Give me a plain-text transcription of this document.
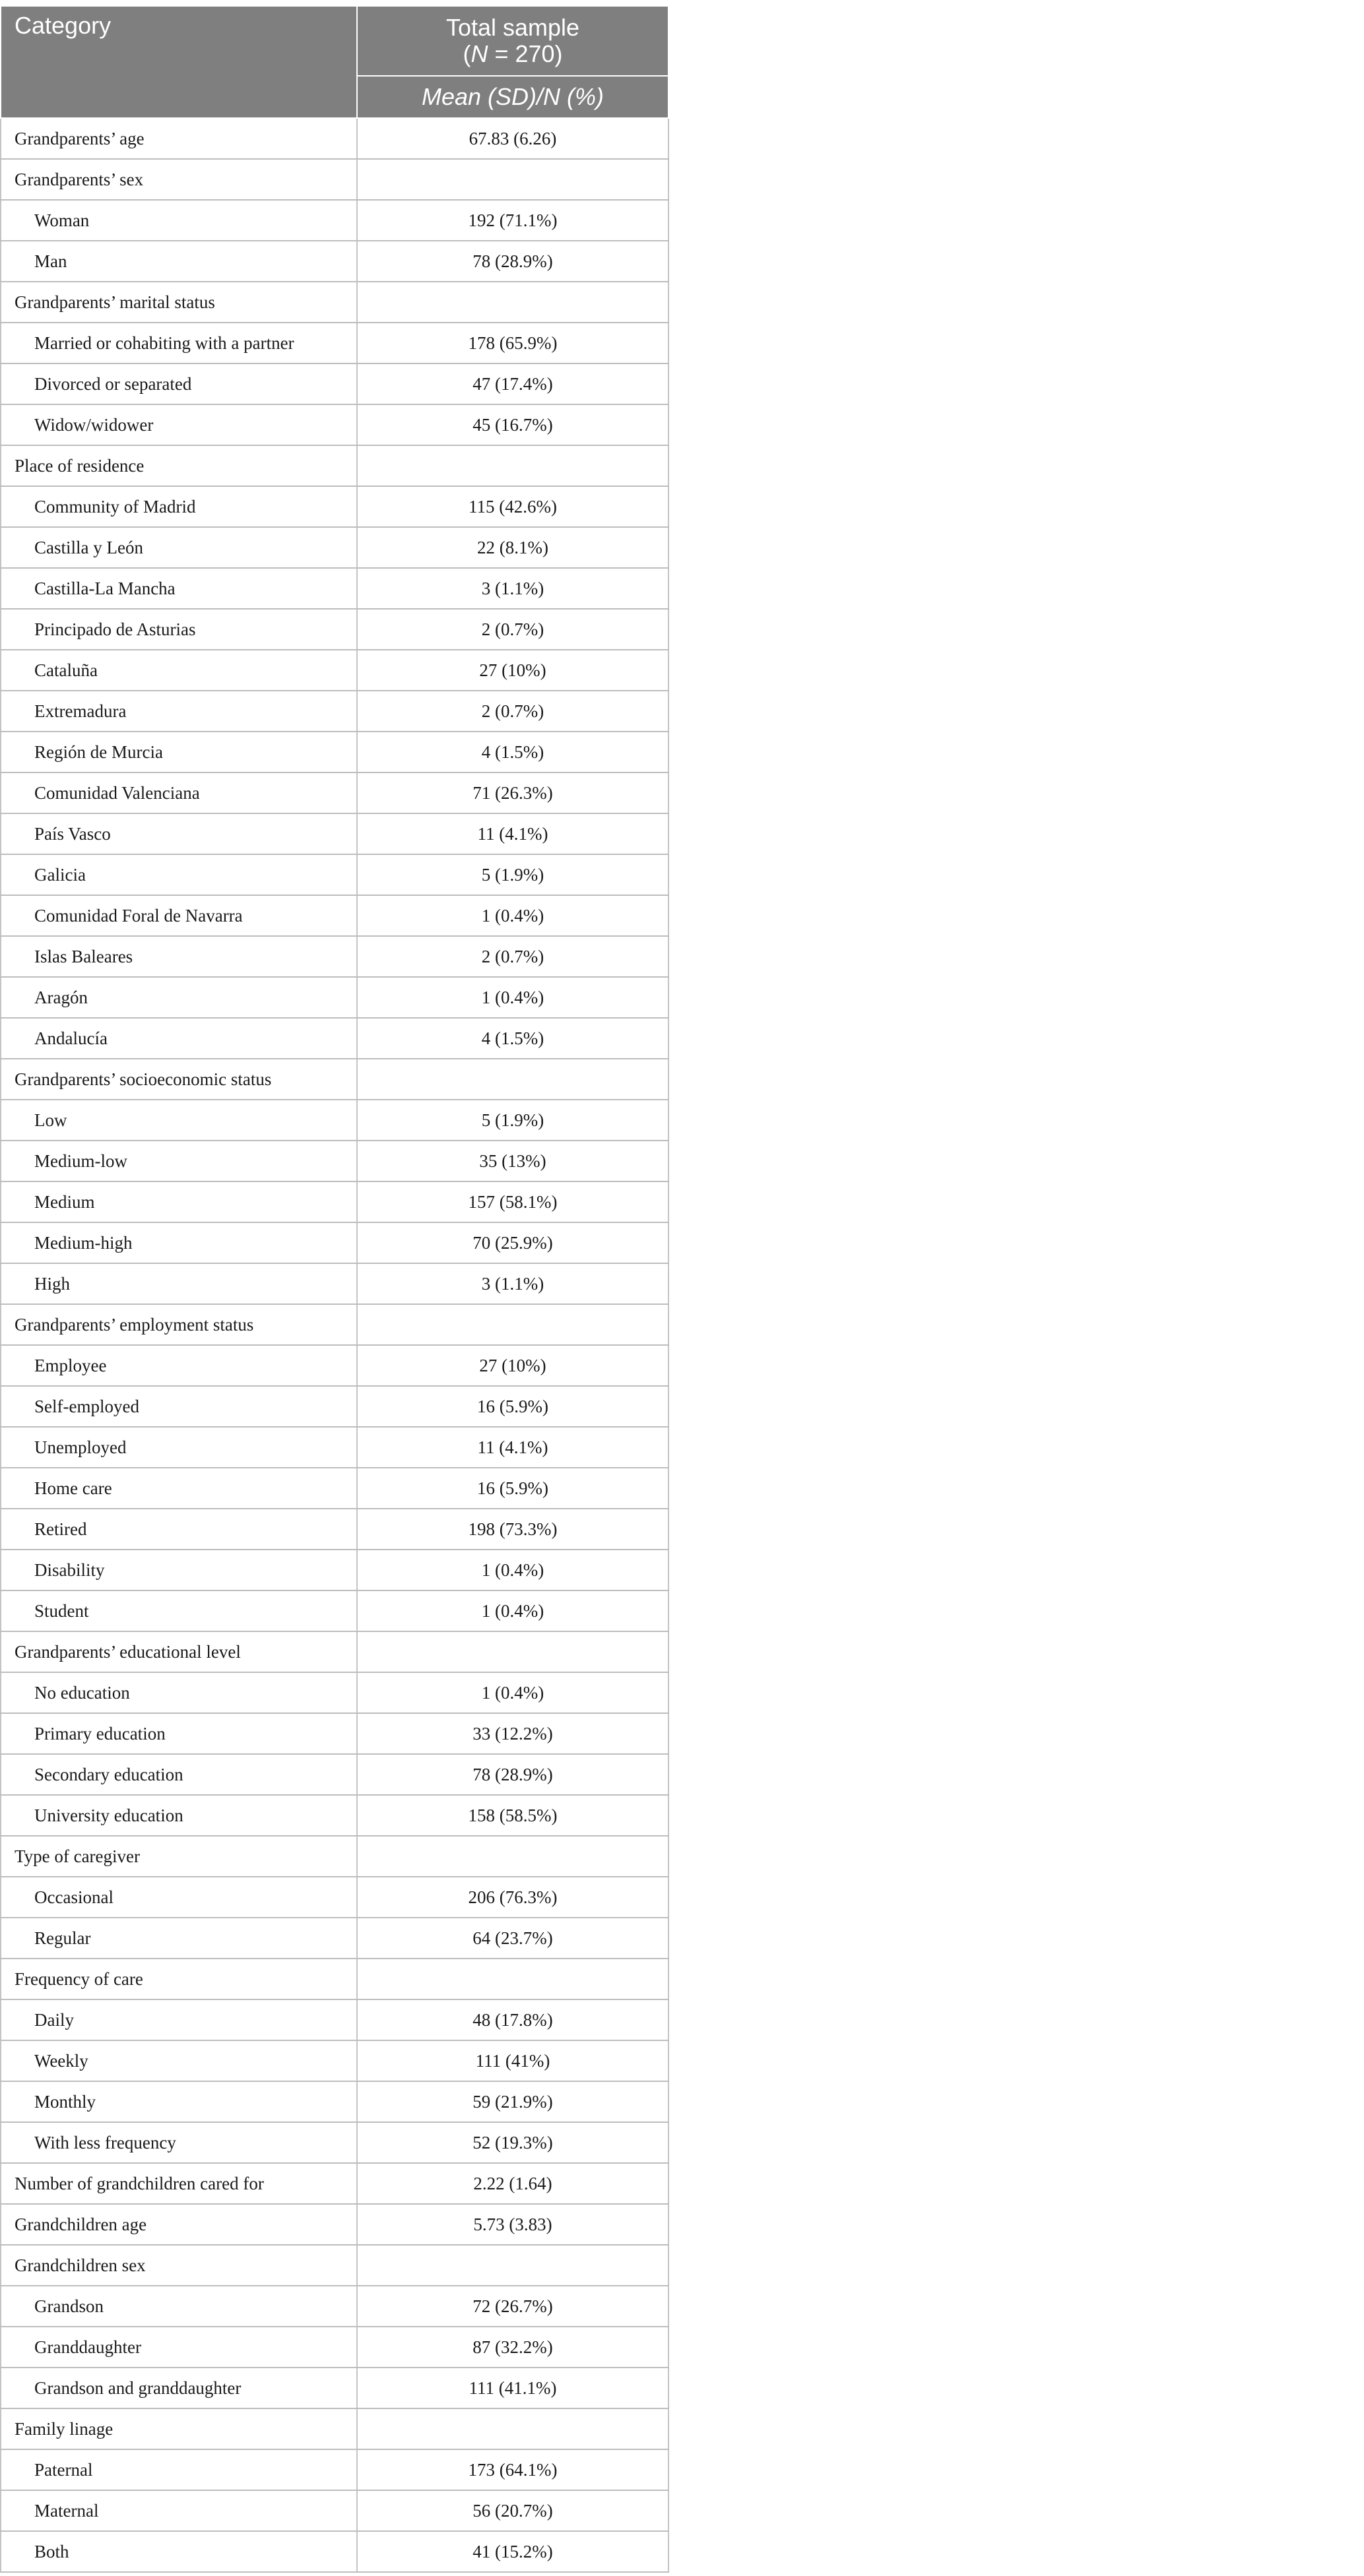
Category	Total sample
(N = 270)
	Mean (SD)/N (%)
Grandparents’ age	67.83 (6.26)
Grandparents’ sex	
Woman	192 (71.1%)
Man	78 (28.9%)
Grandparents’ marital status	
Married or cohabiting with a partner	178 (65.9%)
Divorced or separated	47 (17.4%)
Widow/widower	45 (16.7%)
Place of residence	
Community of Madrid	115 (42.6%)
Castilla y León	22 (8.1%)
Castilla-La Mancha	3 (1.1%)
Principado de Asturias	2 (0.7%)
Cataluña	27 (10%)
Extremadura	2 (0.7%)
Región de Murcia	4 (1.5%)
Comunidad Valenciana	71 (26.3%)
País Vasco	11 (4.1%)
Galicia	5 (1.9%)
Comunidad Foral de Navarra	1 (0.4%)
Islas Baleares	2 (0.7%)
Aragón	1 (0.4%)
Andalucía	4 (1.5%)
Grandparents’ socioeconomic status	
Low	5 (1.9%)
Medium-low	35 (13%)
Medium	157 (58.1%)
Medium-high	70 (25.9%)
High	3 (1.1%)
Grandparents’ employment status	
Employee	27 (10%)
Self-employed	16 (5.9%)
Unemployed	11 (4.1%)
Home care	16 (5.9%)
Retired	198 (73.3%)
Disability	1 (0.4%)
Student	1 (0.4%)
Grandparents’ educational level	
No education	1 (0.4%)
Primary education	33 (12.2%)
Secondary education	78 (28.9%)
University education	158 (58.5%)
Type of caregiver	
Occasional	206 (76.3%)
Regular	64 (23.7%)
Frequency of care	
Daily	48 (17.8%)
Weekly	111 (41%)
Monthly	59 (21.9%)
With less frequency	52 (19.3%)
Number of grandchildren cared for	2.22 (1.64)
Grandchildren age	5.73 (3.83)
Grandchildren sex	
Grandson	72 (26.7%)
Granddaughter	87 (32.2%)
Grandson and granddaughter	111 (41.1%)
Family linage	
Paternal	173 (64.1%)
Maternal	56 (20.7%)
Both	41 (15.2%)
